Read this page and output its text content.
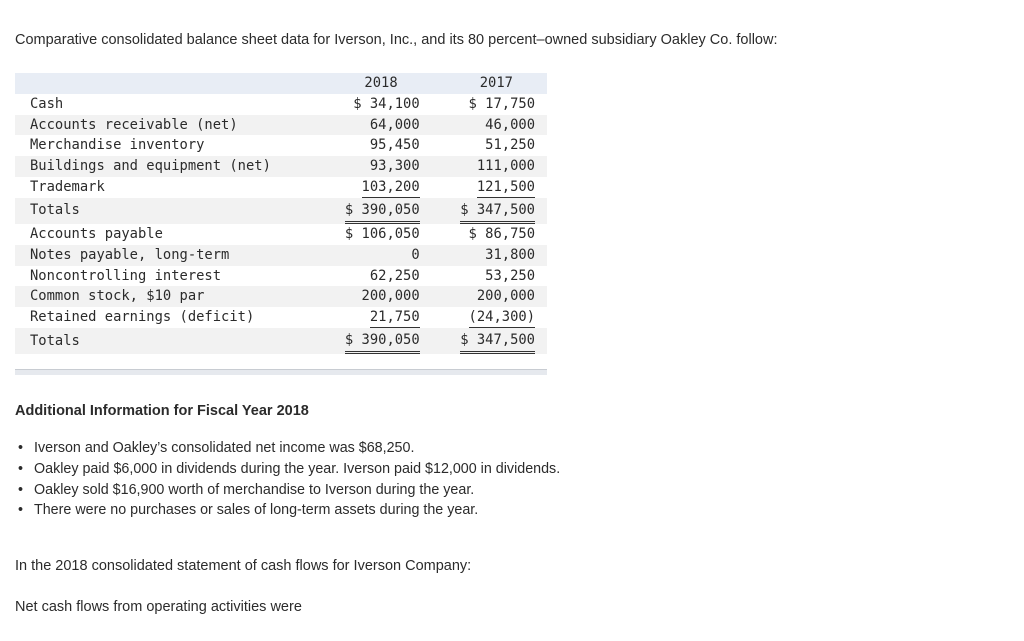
Comparative consolidated balance sheet data for Iverson, Inc., and its 80 percent–owned subsidiary Oakley Co. follow:
	2018	2017
Cash	$ 34,100	$ 17,750
Accounts receivable (net)	64,000	46,000
Merchandise inventory	95,450	51,250
Buildings and equipment (net)	93,300	111,000
Trademark	103,200	121,500
Totals	$ 390,050	$ 347,500
Accounts payable	$ 106,050	$ 86,750
Notes payable, long-term	0	31,800
Noncontrolling interest	62,250	53,250
Common stock, $10 par	200,000	200,000
Retained earnings (deficit)	21,750	(24,300)
Totals	$ 390,050	$ 347,500
Additional Information for Fiscal Year 2018
• Iverson and Oakley’s consolidated net income was $68,250.
• Oakley paid $6,000 in dividends during the year. Iverson paid $12,000 in dividends.
• Oakley sold $16,900 worth of merchandise to Iverson during the year.
• There were no purchases or sales of long-term assets during the year.
In the 2018 consolidated statement of cash flows for Iverson Company:
Net cash flows from operating activities were
